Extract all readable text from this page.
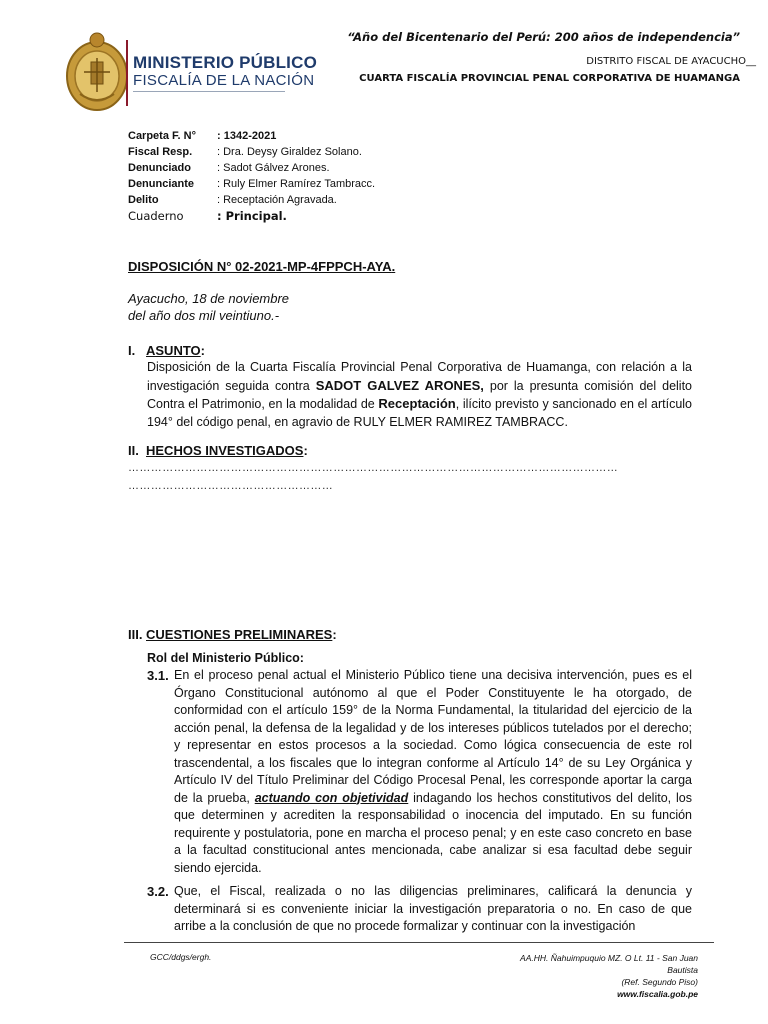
MINISTERIO PÚBLICO
FISCALÍA DE LA NACIÓN
“Año del Bicentenario del Perú: 200 años de independencia”
DISTRITO FISCAL DE AYACUCHO__
CUARTA FISCALÍA PROVINCIAL PENAL CORPORATIVA DE HUAMANGA
Carpeta F. N° : 1342-2021
Fiscal Resp. : Dra. Deysy Giraldez Solano.
Denunciado : Sadot Gálvez Arones.
Denunciante : Ruly Elmer Ramírez Tambracc.
Delito	: Receptación Agravada.
Cuaderno	: Principal.
DISPOSICIÓN N° 02-2021-MP-4FPPCH-AYA.
Ayacucho, 18 de noviembre
del año dos mil veintiuno.-
I. ASUNTO:
Disposición de la Cuarta Fiscalía Provincial Penal Corporativa de Huamanga, con relación a la investigación seguida contra SADOT GALVEZ ARONES, por la presunta comisión del delito Contra el Patrimonio, en la modalidad de Receptación, ilícito previsto y sancionado en el artículo 194° del código penal, en agravio de RULY ELMER RAMIREZ TAMBRACC.
II. HECHOS INVESTIGADOS:
…………………………………………………………………………………………………………………
………………………………………………
III. CUESTIONES PRELIMINARES:
Rol del Ministerio Público:
3.1. En el proceso penal actual el Ministerio Público tiene una decisiva intervención, pues es el Órgano Constitucional autónomo al que el Poder Constituyente le ha otorgado, de conformidad con el artículo 159° de la Norma Fundamental, la titularidad del ejercicio de la acción penal, la defensa de la legalidad y de los intereses públicos tutelados por el derecho; y representar en estos procesos a la sociedad. Como lógica consecuencia de este rol trascendental, a los fiscales que lo integran conforme al Artículo 14° de su Ley Orgánica y Artículo IV del Título Preliminar del Código Procesal Penal, les corresponde aportar la carga de la prueba, actuando con objetividad indagando los hechos constitutivos del delito, los que determinen y acrediten la responsabilidad o inocencia del imputado. En su función requirente y postulatoria, pone en marcha el proceso penal; y en este caso concreto en base a la facultad constitucional antes mencionada, cabe analizar si esa facultad debe seguir siendo ejercida.
3.2. Que, el Fiscal, realizada o no las diligencias preliminares, calificará la denuncia y determinará si es conveniente iniciar la investigación preparatoria o no. En caso de que arribe a la conclusión de que no procede formalizar y continuar con la investigación
GCC/ddgs/ergh.	AA.HH. Ñahuimpuquio MZ. O Lt. 11 - San Juan
Bautista
(Ref. Segundo Piso)
www.fiscalia.gob.pe
